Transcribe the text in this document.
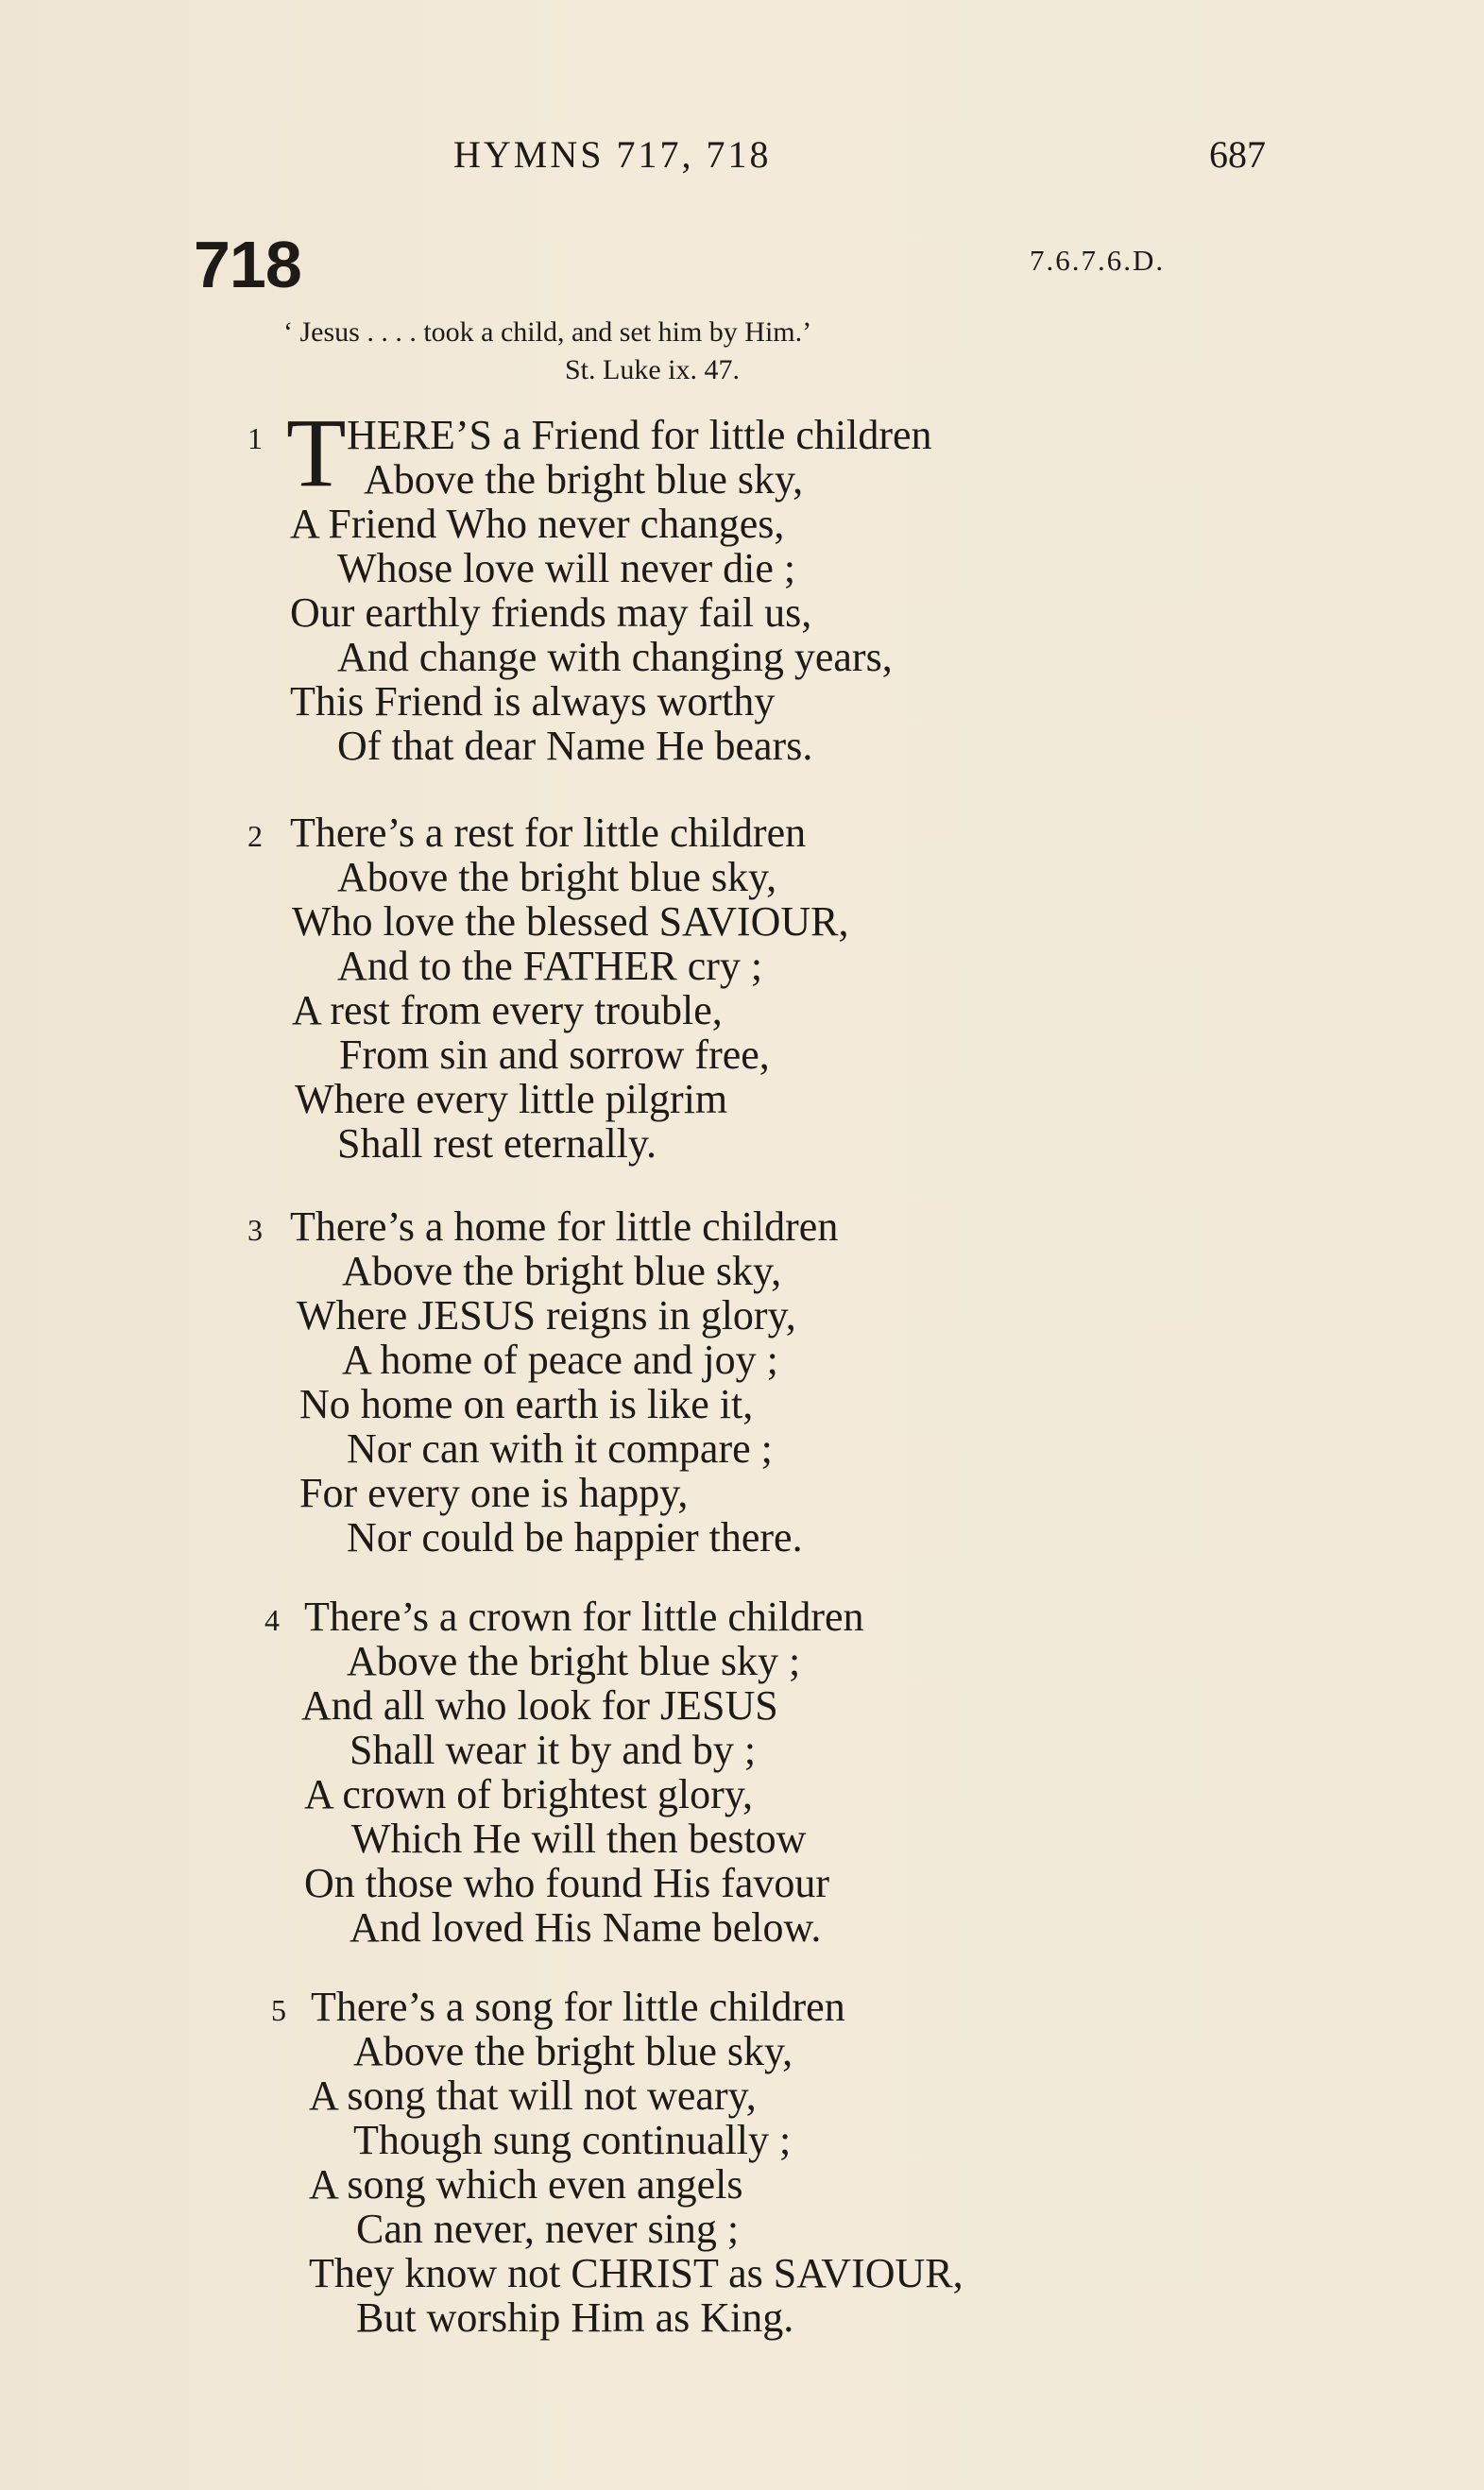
HYMNS 717, 718	687
718	7.6.7.6.D.
‘ Jesus . . . . took a child, and set him by Him.’
St. Luke ix. 47.
T
1 HERE’S a Friend for little children
Above the bright blue sky,
A Friend Who never changes,
Whose love will never die ;
Our earthly friends may fail us,
And change with changing years,
This Friend is always worthy
Of that dear Name He bears.
2 There’s a rest for little children
Above the bright blue sky,
Who love the blessed SAVIOUR,
And to the FATHER cry ;
A rest from every trouble,
From sin and sorrow free,
Where every little pilgrim
Shall rest eternally.
3 There’s a home for little children
Above the bright blue sky,
Where JESUS reigns in glory,
A home of peace and joy ;
No home on earth is like it,
Nor can with it compare ;
For every one is happy,
Nor could be happier there.
4 There’s a crown for little children
Above the bright blue sky ;
And all who look for JESUS
Shall wear it by and by ;
A crown of brightest glory,
Which He will then bestow
On those who found His favour
And loved His Name below.
5 There’s a song for little children
Above the bright blue sky,
A song that will not weary,
Though sung continually ;
A song which even angels
Can never, never sing ;
They know not CHRIST as SAVIOUR,
But worship Him as King.
